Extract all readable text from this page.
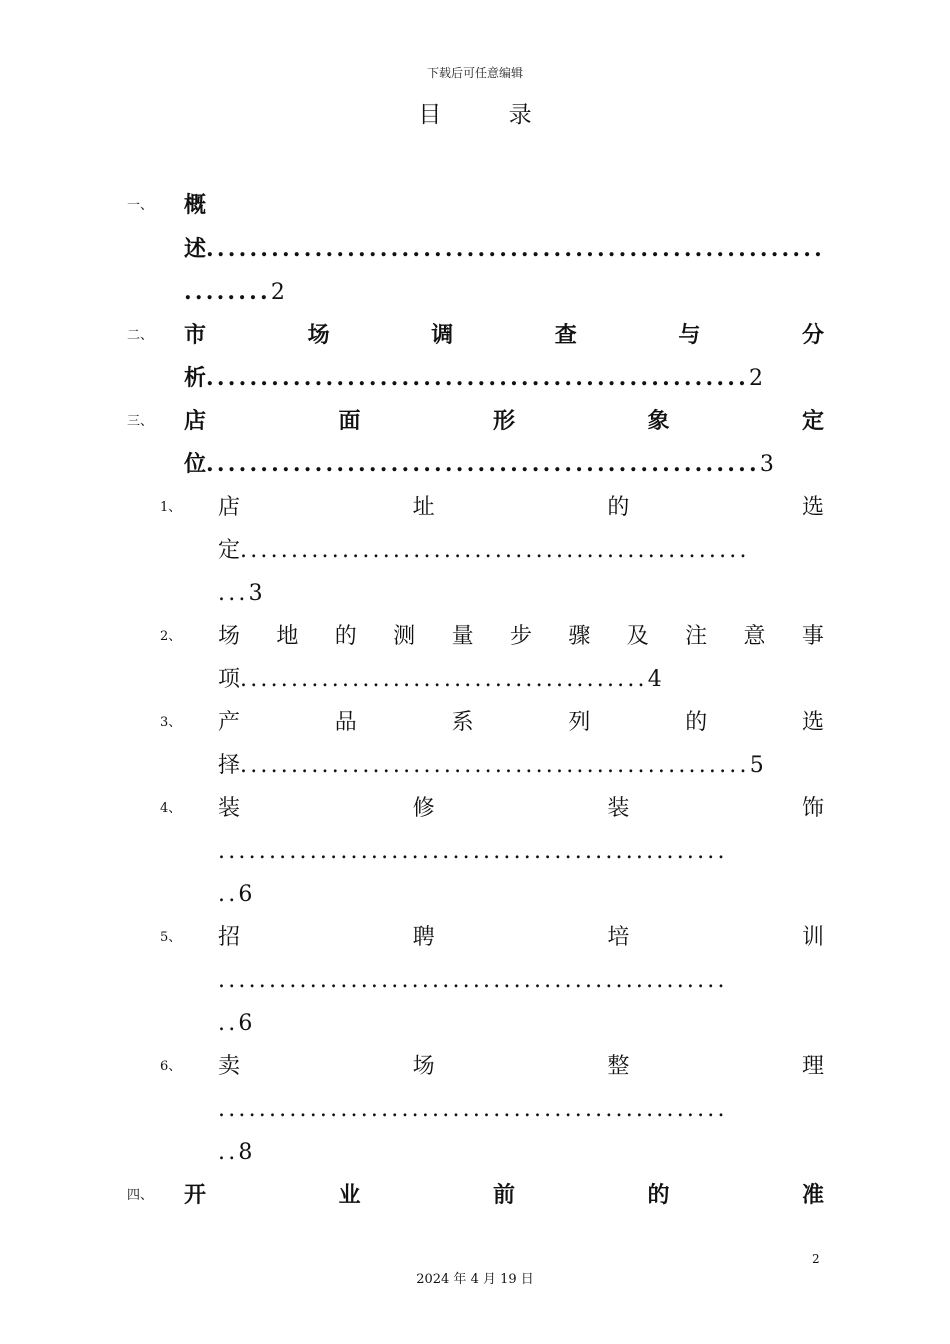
下载后可任意编辑
目 录
一、 概
述.........................................................
........2
二、 市	场	调	查	与	分
析..................................................2
三、 店	面	形	象	定
位...................................................3
1、 店	址	的	选
定..................................................
...3
2、 场 地 的 测 量 步 骤 及 注 意 事
项........................................4
3、 产	品	系	列	的	选
择..................................................5
4、 装	修	装	饰
..................................................
..6
5、 招	聘	培	训
..................................................
..6
6、 卖	场	整	理
..................................................
..8
四、 开	业	前	的	准
2
2024 年 4 月 19 日
